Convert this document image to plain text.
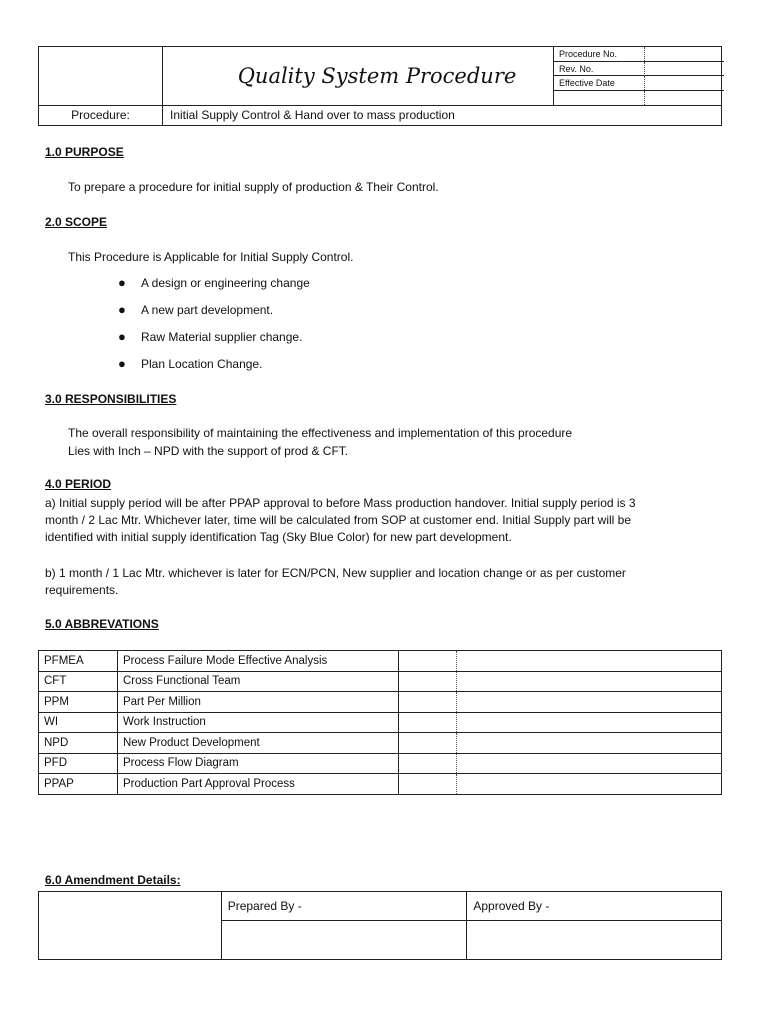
Quality System Procedure
Procedure No.
Rev. No.
Effective Date
Procedure:	Initial Supply Control & Hand over to mass production
1.0 PURPOSE
To prepare a procedure for initial supply of production & Their Control.
2.0 SCOPE
This Procedure is Applicable for Initial Supply Control.
● A design or engineering change
● A new part development.
● Raw Material supplier change.
● Plan Location Change.
3.0 RESPONSIBILITIES
The overall responsibility of maintaining the effectiveness and implementation of this procedure
Lies with Inch – NPD with the support of prod & CFT.
4.0 PERIOD
a) Initial supply period will be after PPAP approval to before Mass production handover. Initial supply period is 3
month / 2 Lac Mtr. Whichever later, time will be calculated from SOP at customer end. Initial Supply part will be
identified with initial supply identification Tag (Sky Blue Color) for new part development.
b) 1 month / 1 Lac Mtr. whichever is later for ECN/PCN, New supplier and location change or as per customer
requirements.
5.0 ABBREVATIONS
PFMEA	Process Failure Mode Effective Analysis		
CFT	Cross Functional Team		
PPM	Part Per Million		
WI	Work Instruction		
NPD	New Product Development		
PFD	Process Flow Diagram		
PPAP	Production Part Approval Process		
6.0 Amendment Details:
	Prepared By -	Approved By -
